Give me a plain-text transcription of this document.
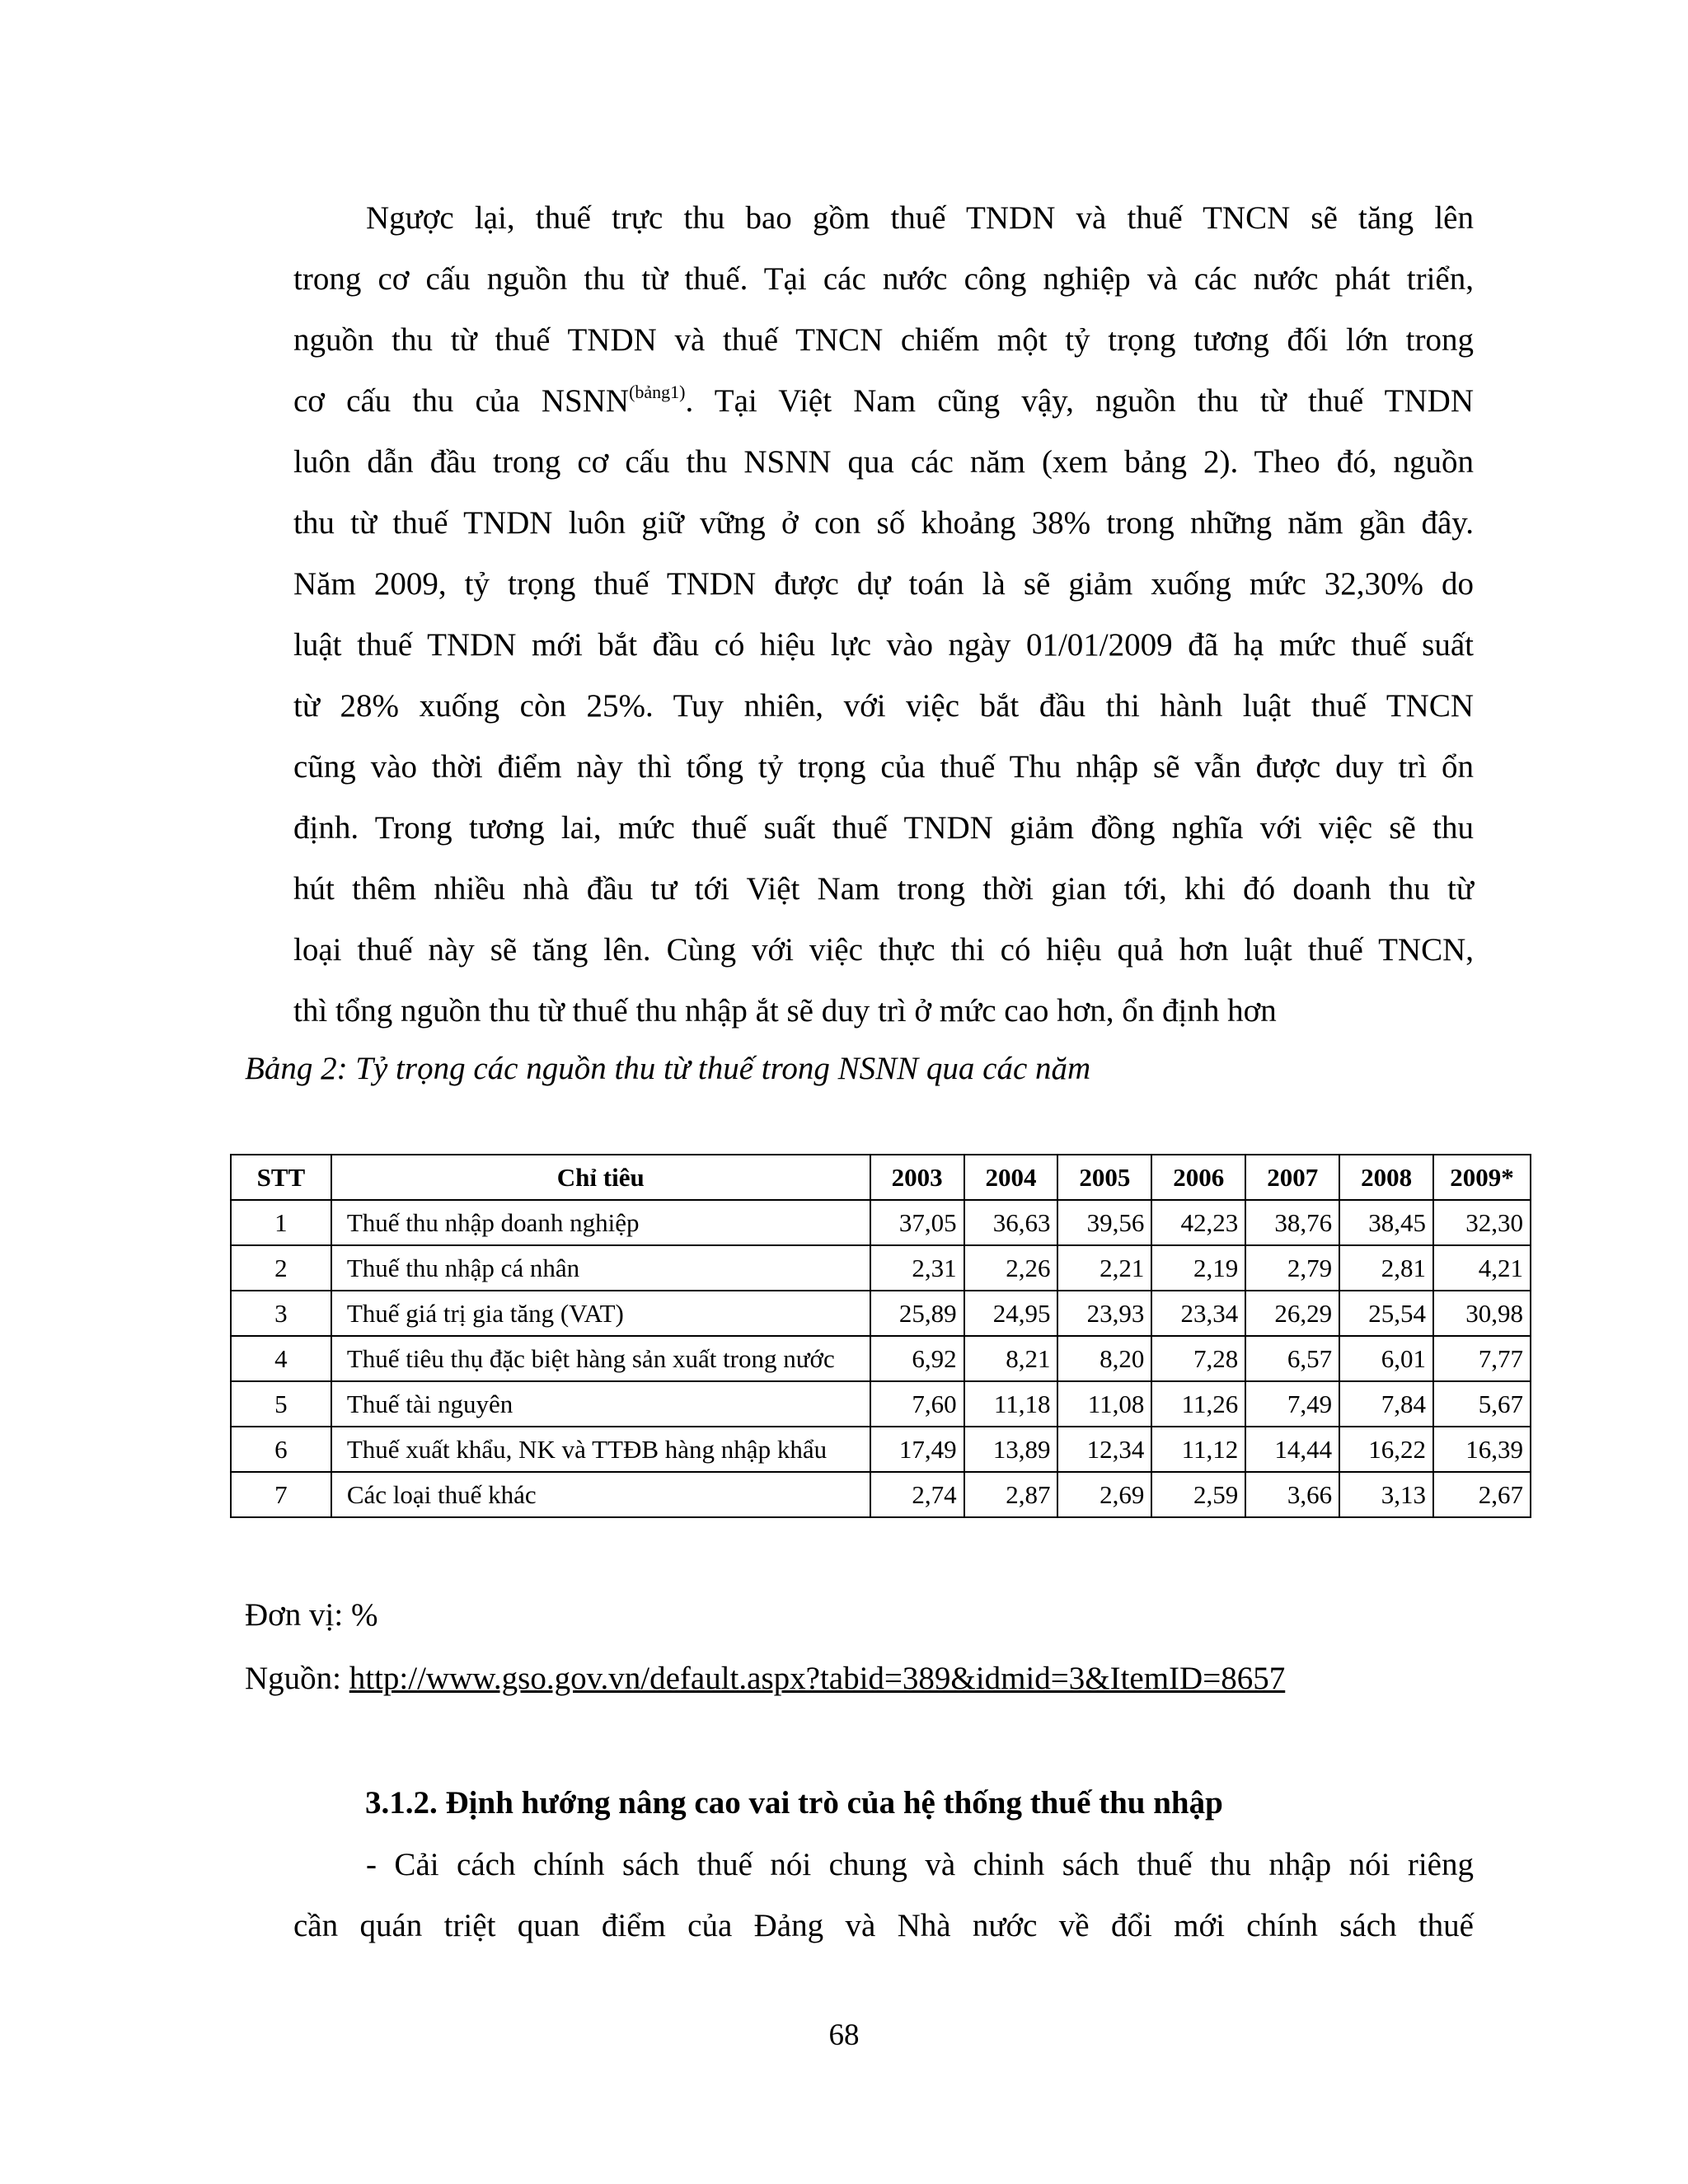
Ngược lại, thuế trực thu bao gồm thuế TNDN và thuế TNCN sẽ tăng lên
trong cơ cấu nguồn thu từ thuế. Tại các nước công nghiệp và các nước phát triển,
nguồn thu từ thuế TNDN và thuế TNCN chiếm một tỷ trọng tương đối lớn trong
cơ cấu thu của $NSNN^{(bảng1)}$. Tại Việt Nam cũng vậy, nguồn thu từ thuế TNDN
luôn dẫn đầu trong cơ cấu thu NSNN qua các năm (xem bảng 2). Theo đó, nguồn
thu từ thuế TNDN luôn giữ vững ở con số khoảng 38% trong những năm gần đây.
Năm 2009, tỷ trọng thuế TNDN được dự toán là sẽ giảm xuống mức 32,30% do
luật thuế TNDN mới bắt đầu có hiệu lực vào ngày 01/01/2009 đã hạ mức thuế suất
từ 28% xuống còn 25%. Tuy nhiên, với việc bắt đầu thi hành luật thuế TNCN
cũng vào thời điểm này thì tổng tỷ trọng của thuế Thu nhập sẽ vẫn được duy trì ổn
định. Trong tương lai, mức thuế suất thuế TNDN giảm đồng nghĩa với việc sẽ thu
hút thêm nhiều nhà đầu tư tới Việt Nam trong thời gian tới, khi đó doanh thu từ
loại thuế này sẽ tăng lên. Cùng với việc thực thi có hiệu quả hơn luật thuế TNCN,
thì tổng nguồn thu từ thuế thu nhập ắt sẽ duy trì ở mức cao hơn, ổn định hơn
Bảng 2: Tỷ trọng các nguồn thu từ thuế trong NSNN qua các năm
STT	Chỉ tiêu	2003	2004	2005	2006	2007	2008	2009*
1	Thuế thu nhập doanh nghiệp	37,05	36,63	39,56	42,23	38,76	38,45	32,30
2	Thuế thu nhập cá nhân	2,31	2,26	2,21	2,19	2,79	2,81	4,21
3	Thuế giá trị gia tăng (VAT)	25,89	24,95	23,93	23,34	26,29	25,54	30,98
4	Thuế tiêu thụ đặc biệt hàng sản xuất trong nước	6,92	8,21	8,20	7,28	6,57	6,01	7,77
5	Thuế tài nguyên	7,60	11,18	11,08	11,26	7,49	7,84	5,67
6	Thuế xuất khẩu, NK và TTĐB hàng nhập khẩu	17,49	13,89	12,34	11,12	14,44	16,22	16,39
7	Các loại thuế khác	2,74	2,87	2,69	2,59	3,66	3,13	2,67
Đơn vị: %
Nguồn: http://www.gso.gov.vn/default.aspx?tabid=389&idmid=3&ItemID=8657
3.1.2. Định hướng nâng cao vai trò của hệ thống thuế thu nhập
- Cải cách chính sách thuế nói chung và chinh sách thuế thu nhập nói riêng
cần quán triệt quan điểm của Đảng và Nhà nước về đổi mới chính sách thuế
68
